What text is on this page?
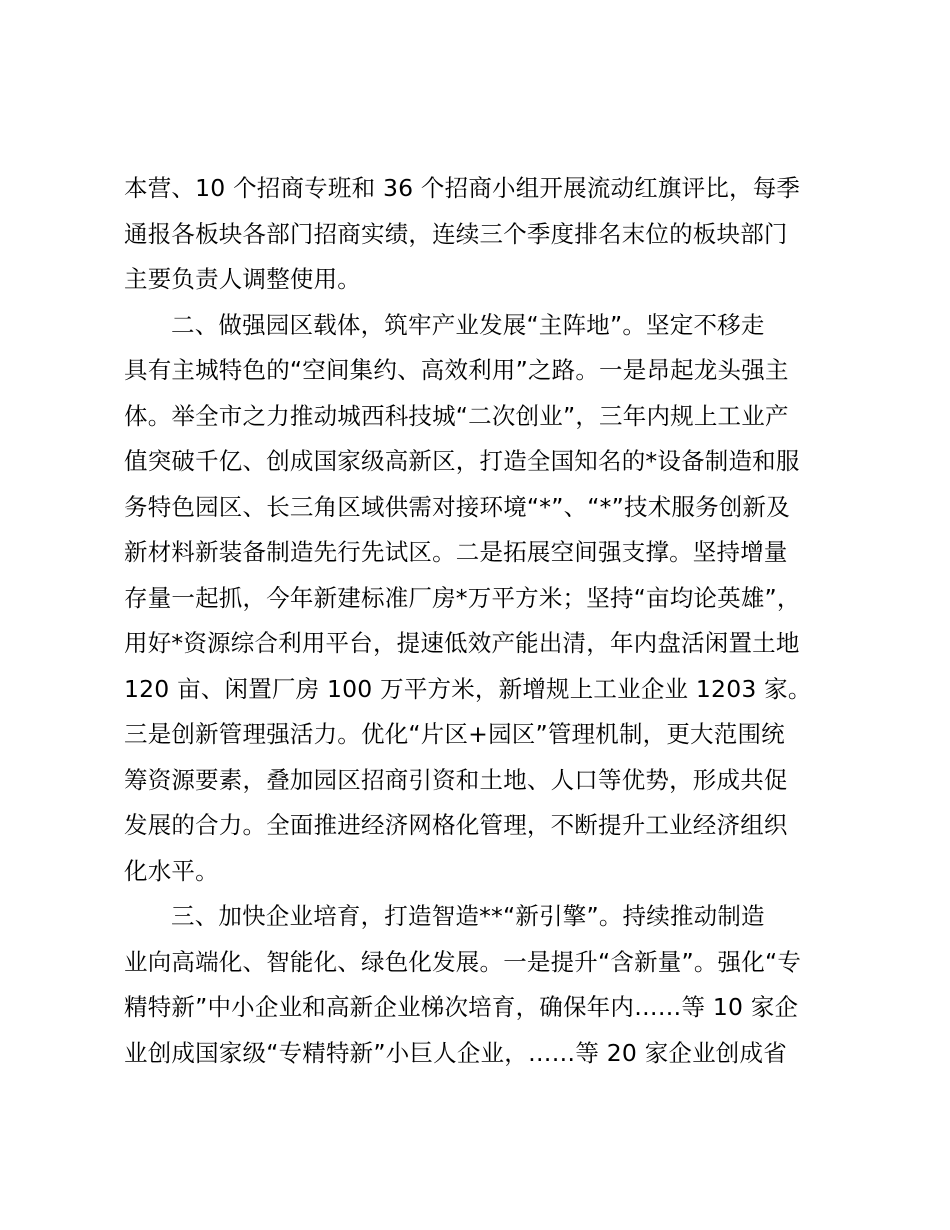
本营、10 个招商专班和 36 个招商小组开展流动红旗评比，每季
通报各板块各部门招商实绩，连续三个季度排名末位的板块部门
主要负责人调整使用。
二、做强园区载体，筑牢产业发展“主阵地”。坚定不移走
具有主城特色的“空间集约、高效利用”之路。一是昂起龙头强主
体。举全市之力推动城西科技城“二次创业”，三年内规上工业产
值突破千亿、创成国家级高新区，打造全国知名的*设备制造和服
务特色园区、长三角区域供需对接环境“*”、“*”技术服务创新及
新材料新装备制造先行先试区。二是拓展空间强支撑。坚持增量
存量一起抓，今年新建标准厂房*万平方米；坚持“亩均论英雄”，
用好*资源综合利用平台，提速低效产能出清，年内盘活闲置土地
120 亩、闲置厂房 100 万平方米，新增规上工业企业 1203 家。
三是创新管理强活力。优化“片区+园区”管理机制，更大范围统
筹资源要素，叠加园区招商引资和土地、人口等优势，形成共促
发展的合力。全面推进经济网格化管理，不断提升工业经济组织
化水平。
三、加快企业培育，打造智造**“新引擎”。持续推动制造
业向高端化、智能化、绿色化发展。一是提升“含新量”。强化“专
精特新”中小企业和高新企业梯次培育，确保年内……等 10 家企
业创成国家级“专精特新”小巨人企业，……等 20 家企业创成省
